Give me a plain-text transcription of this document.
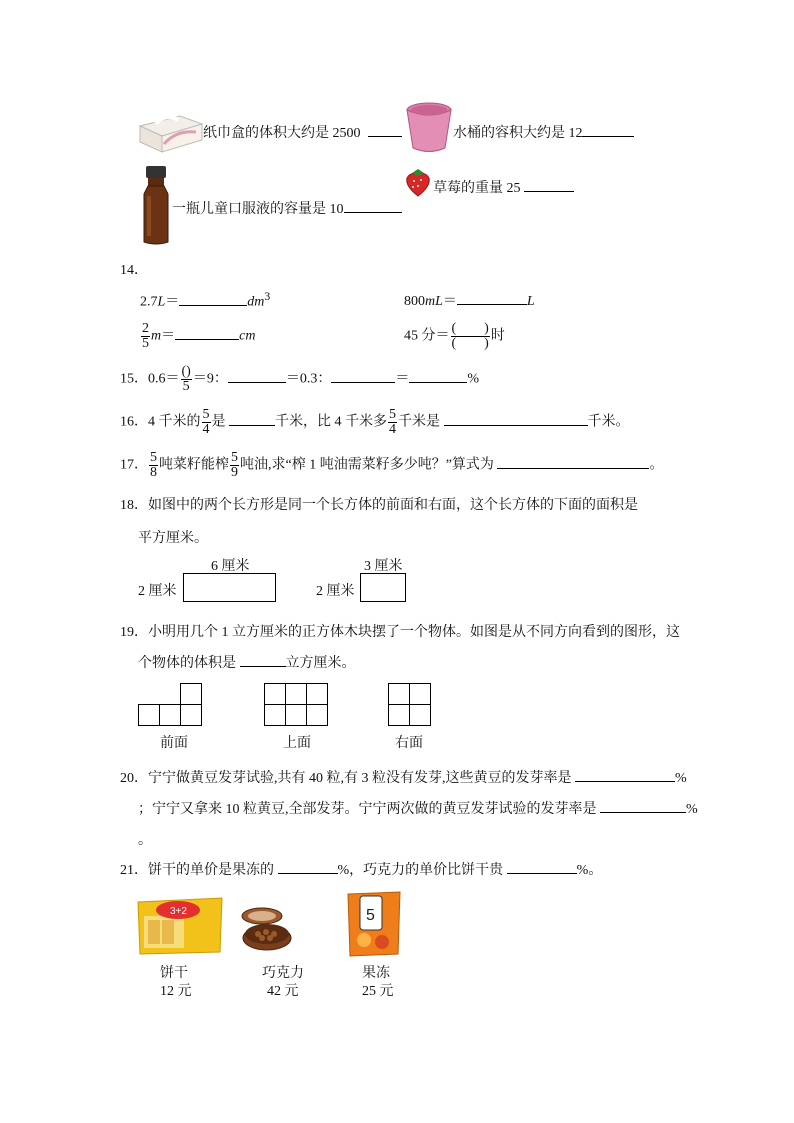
纸巾盒的体积大约是 2500	水桶的容积大约是 12
一瓶儿童口服液的容量是 10
草莓的重量 25
14．
2.7L＝	$dm^3$	800mL＝	L
$\frac{2}{5} m=$	cm	45 分＝ $\frac{( )}{( )}$ 时
15．$0.6= \frac{()}{5} =9$：	＝0.3：	＝	%
16．4 千米的 $\frac{5}{4}$ 是	千米，比 4 千米多 $\frac{5}{4}$ 千米是	千米。
17． $\frac{5}{8}$ 吨菜籽能榨 $\frac{5}{9}$ 吨油,求“榨 1 吨油需菜籽多少吨？”算式为	。
18．如图中的两个长方形是同一个长方体的前面和右面，这个长方体的下面的面积是
平方厘米。
6 厘米
2 厘米
3 厘米
2 厘米
19．小明用几个 1 立方厘米的正方体木块摆了一个物体。如图是从不同方向看到的图形，这
个物体的体积是	立方厘米。
前面	上面	右面
20．宁宁做黄豆发芽试验,共有 40 粒,有 3 粒没有发芽,这些黄豆的发芽率是	%
；宁宁又拿来 10 粒黄豆,全部发芽。宁宁两次做的黄豆发芽试验的发芽率是	%
。
21．饼干的单价是果冻的	%，巧克力的单价比饼干贵	%。
3+2	5
饼干
12 元
巧克力
42 元
果冻
25 元
